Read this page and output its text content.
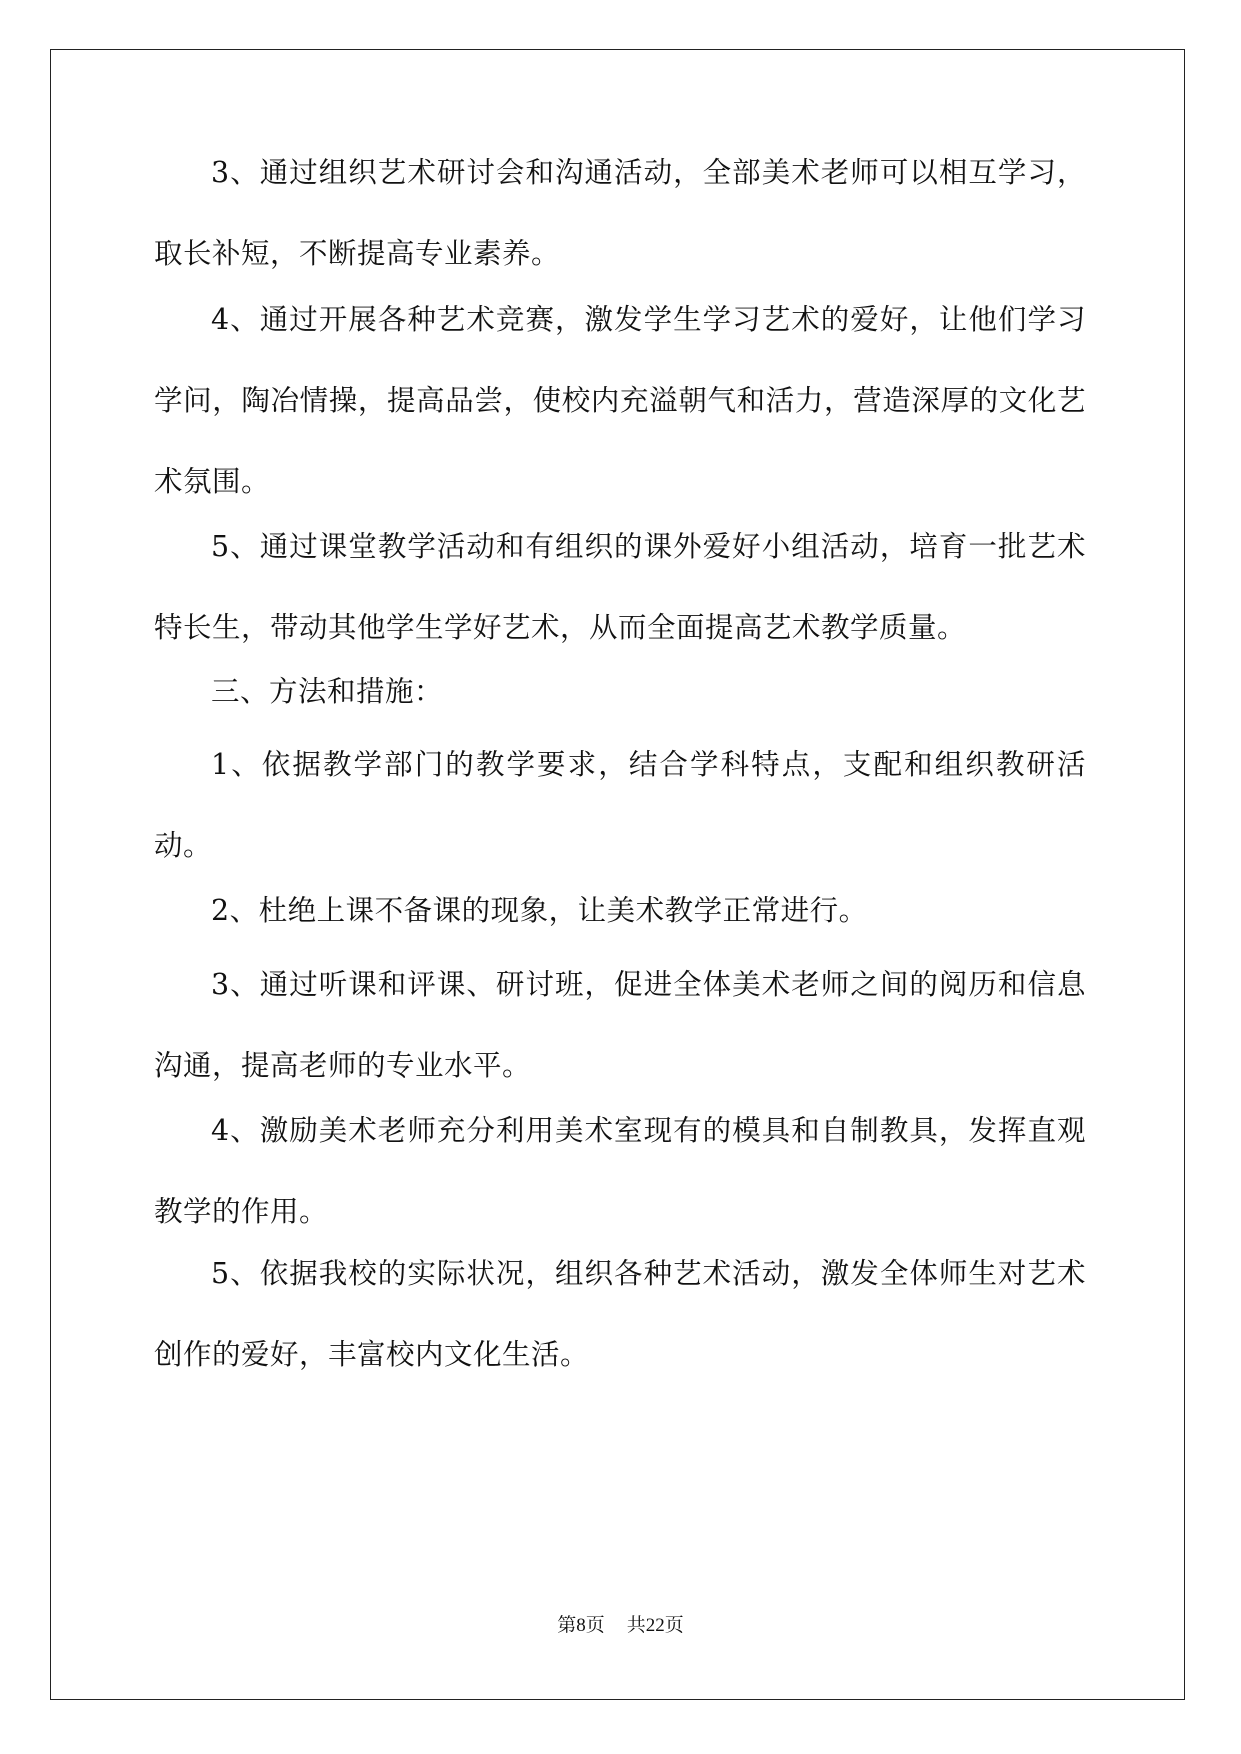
3、通过组织艺术研讨会和沟通活动，全部美术老师可以相互学习，取长补短，不断提高专业素养。

4、通过开展各种艺术竞赛，激发学生学习艺术的爱好，让他们学习学问，陶冶情操，提高品尝，使校内充溢朝气和活力，营造深厚的文化艺术氛围。

5、通过课堂教学活动和有组织的课外爱好小组活动，培育一批艺术特长生，带动其他学生学好艺术，从而全面提高艺术教学质量。

三、方法和措施：

1、依据教学部门的教学要求，结合学科特点，支配和组织教研活动。

2、杜绝上课不备课的现象，让美术教学正常进行。

3、通过听课和评课、研讨班，促进全体美术老师之间的阅历和信息沟通，提高老师的专业水平。

4、激励美术老师充分利用美术室现有的模具和自制教具，发挥直观教学的作用。

5、依据我校的实际状况，组织各种艺术活动，激发全体师生对艺术创作的爱好，丰富校内文化生活。

第8页 共22页
